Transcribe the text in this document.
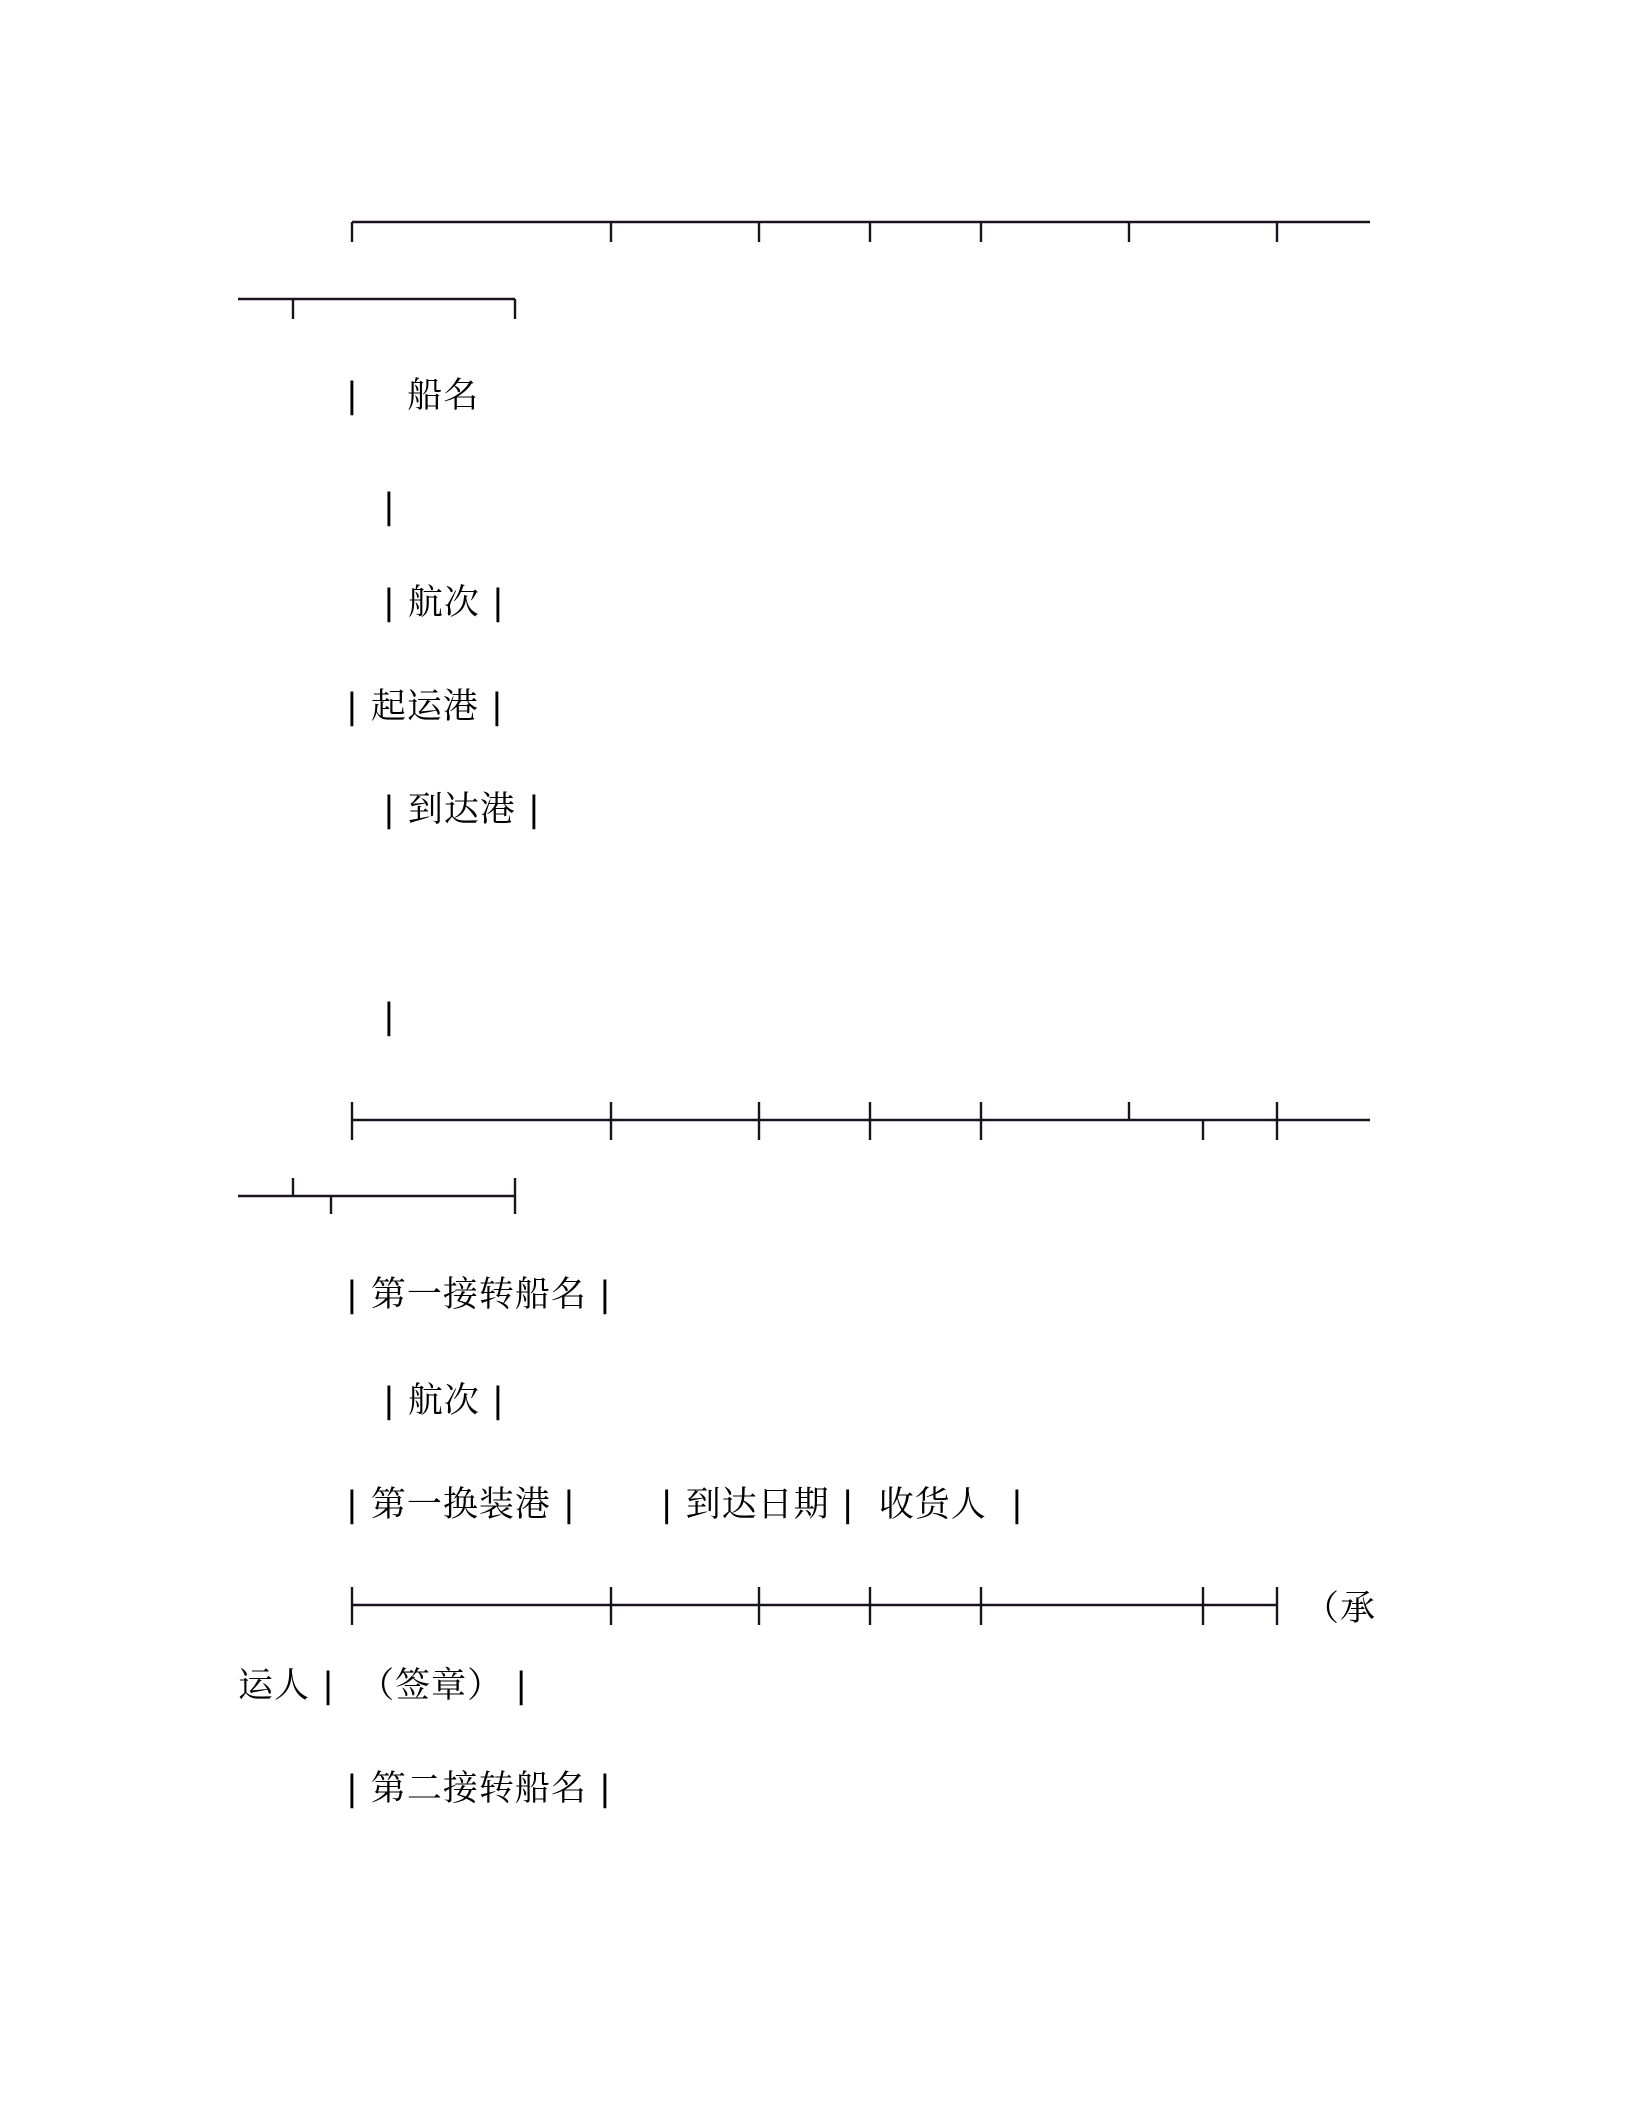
|    船名
|
| 航次 |
| 起运港 |
| 到达港 |
|
| 第一接转船名 |
| 航次 |
| 第一换装港 |       | 到达日期 |  收货人  |
（承
运人 |  （签章） |
| 第二接转船名 |
